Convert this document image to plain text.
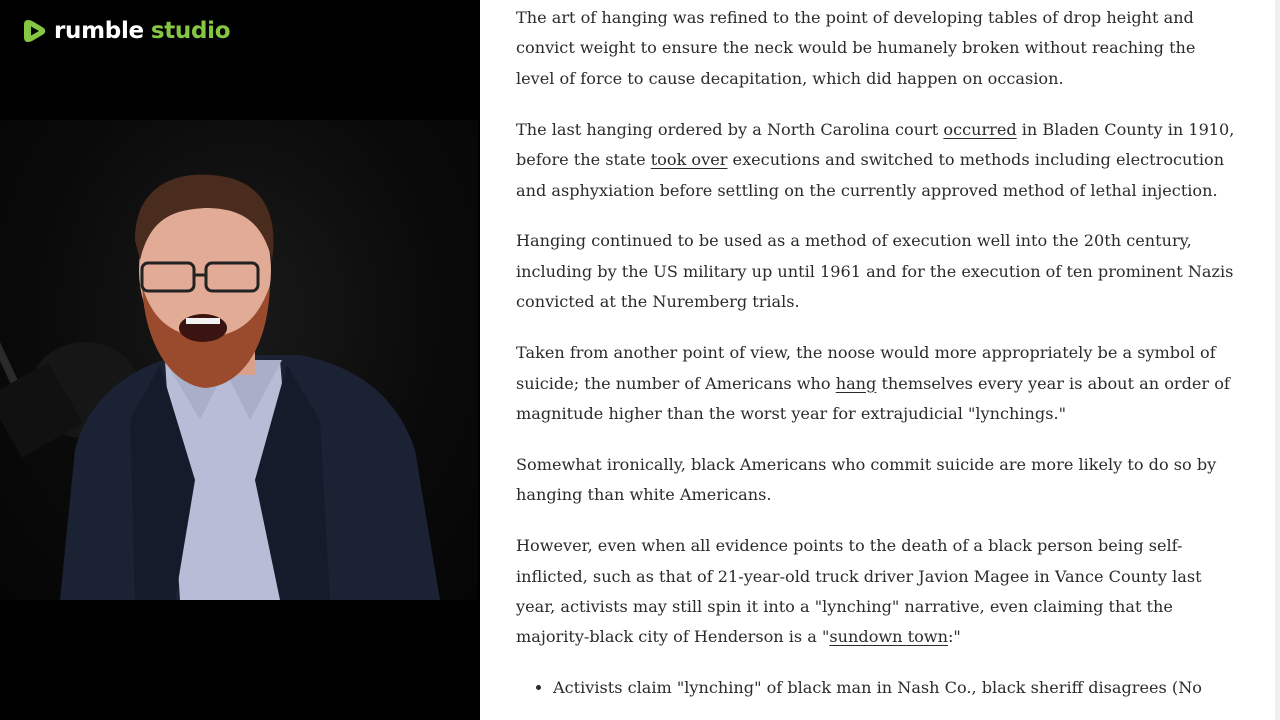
rumble studio

The art of hanging was refined to the point of developing tables of drop height and convict weight to ensure the neck would be humanely broken without reaching the level of force to cause decapitation, which did happen on occasion.

The last hanging ordered by a North Carolina court occurred in Bladen County in 1910, before the state took over executions and switched to methods including electrocution and asphyxiation before settling on the currently approved method of lethal injection.

Hanging continued to be used as a method of execution well into the 20th century, including by the US military up until 1961 and for the execution of ten prominent Nazis convicted at the Nuremberg trials.

Taken from another point of view, the noose would more appropriately be a symbol of suicide; the number of Americans who hang themselves every year is about an order of magnitude higher than the worst year for extrajudicial "lynchings."

Somewhat ironically, black Americans who commit suicide are more likely to do so by hanging than white Americans.

However, even when all evidence points to the death of a black person being self-inflicted, such as that of 21-year-old truck driver Javion Magee in Vance County last year, activists may still spin it into a "lynching" narrative, even claiming that the majority-black city of Henderson is a "sundown town:"

• Activists claim "lynching" of black man in Nash Co., black sheriff disagrees (No
